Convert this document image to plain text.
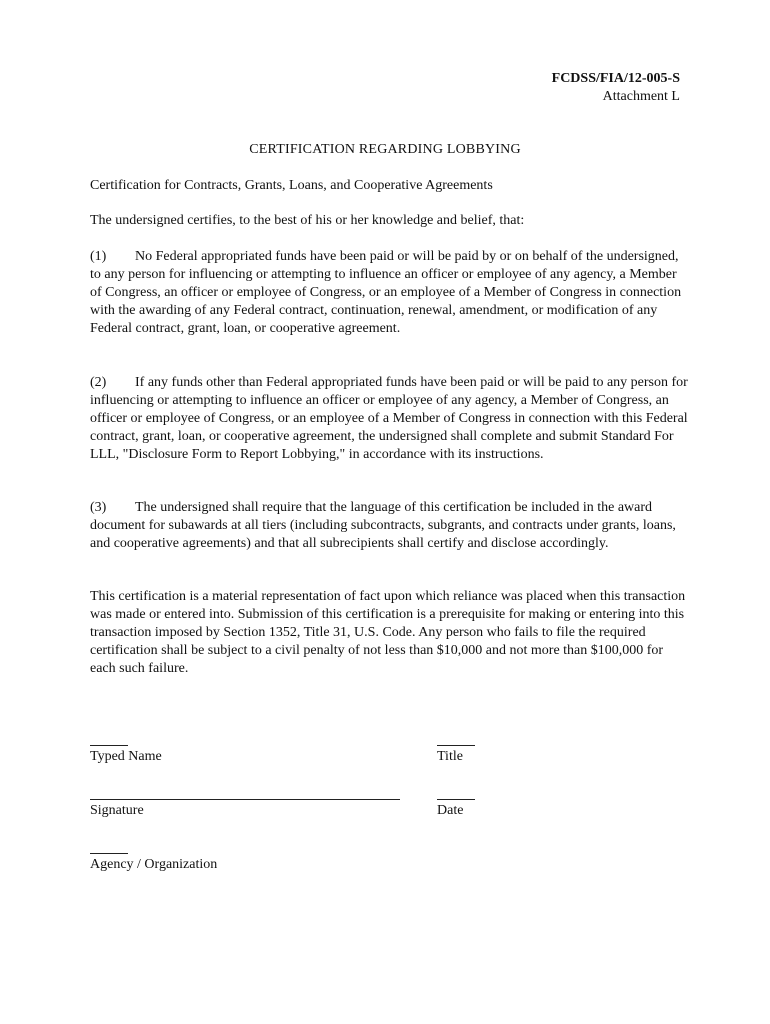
FCDSS/FIA/12-005-S
Attachment L
CERTIFICATION REGARDING LOBBYING

Certification for Contracts, Grants, Loans, and Cooperative Agreements

The undersigned certifies, to the best of his or her knowledge and belief, that:

(1) No Federal appropriated funds have been paid or will be paid by or on behalf of the undersigned, to any person for influencing or attempting to influence an officer or employee of any agency, a Member of Congress, an officer or employee of Congress, or an employee of a Member of Congress in connection with the awarding of any Federal contract, continuation, renewal, amendment, or modification of any Federal contract, grant, loan, or cooperative agreement.

(2) If any funds other than Federal appropriated funds have been paid or will be paid to any person for influencing or attempting to influence an officer or employee of any agency, a Member of Congress, an officer or employee of Congress, or an employee of a Member of Congress in connection with this Federal contract, grant, loan, or cooperative agreement, the undersigned shall complete and submit Standard For LLL, "Disclosure Form to Report Lobbying," in accordance with its instructions.

(3) The undersigned shall require that the language of this certification be included in the award document for subawards at all tiers (including subcontracts, subgrants, and contracts under grants, loans, and cooperative agreements) and that all subrecipients shall certify and disclose accordingly.

This certification is a material representation of fact upon which reliance was placed when this transaction was made or entered into. Submission of this certification is a prerequisite for making or entering into this transaction imposed by Section 1352, Title 31, U.S. Code. Any person who fails to file the required certification shall be subject to a civil penalty of not less than $10,000 and not more than $100,000 for each such failure.

Typed Name	Title
Signature	Date
Agency / Organization
